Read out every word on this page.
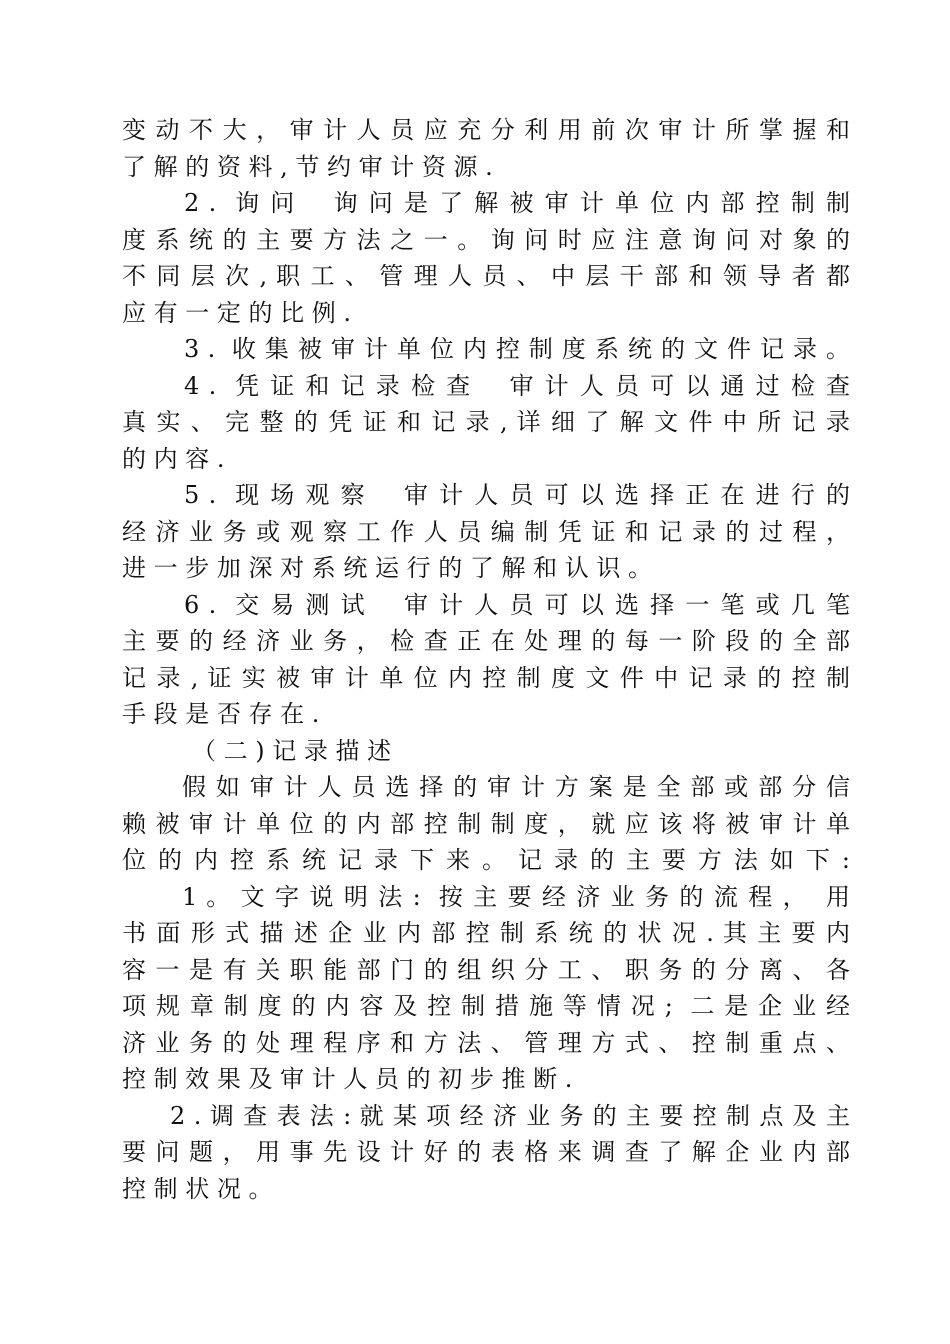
变 动 不 大 ， 审 计 人 员 应 充 分 利 用 前 次 审 计 所 掌 握 和
了 解 的 资 料 , 节 约 审 计 资 源 .
2 .  询 问    询 问 是 了 解 被 审 计 单 位 内 部 控 制 制
度 系 统 的 主 要 方 法 之 一 。 询 问 时 应 注 意 询 问 对 象 的
不 同 层 次 , 职 工 、 管 理 人 员 、 中 层 干 部 和 领 导 者 都
应 有 一 定 的 比 例 .
3 .  收 集 被 审 计 单 位 内 控 制 度 系 统 的 文 件 记 录 。
4 .  凭 证 和 记 录 检 查    审 计 人 员 可 以 通 过 检 查
真 实 、 完 整 的 凭 证 和 记 录 , 详 细 了 解 文 件 中 所 记 录
的 内 容 .
5 .  现 场 观 察    审 计 人 员 可 以 选 择 正 在 进 行 的
经 济 业 务 或 观 察 工 作 人 员 编 制 凭 证 和 记 录 的 过 程 ，
进 一 步 加 深 对 系 统 运 行 的 了 解 和 认 识 。
6 .  交 易 测 试    审 计 人 员 可 以 选 择 一 笔 或 几 笔
主 要 的 经 济 业 务 ， 检 查 正 在 处 理 的 每 一 阶 段 的 全 部
记 录 , 证 实 被 审 计 单 位 内 控 制 度 文 件 中 记 录 的 控 制
手 段 是 否 存 在 .
（ 二 ) 记 录 描 述
假 如 审 计 人 员 选 择 的 审 计 方 案 是 全 部 或 部 分 信
赖 被 审 计 单 位 的 内 部 控 制 制 度 ， 就 应 该 将 被 审 计 单
位 的 内 控 系 统 记 录 下 来 。 记 录 的 主 要 方 法 如 下 :
1 。 文 字 说 明 法 :  按 主 要 经 济 业 务 的 流 程 ，  用
书 面 形 式 描 述 企 业 内 部 控 制 系 统 的 状 况 . 其 主 要 内
容 一 是 有 关 职 能 部 门 的 组 织 分 工 、 职 务 的 分 离 、 各
项 规 章 制 度 的 内 容 及 控 制 措 施 等 情 况 ;  二 是 企 业 经
济 业 务 的 处 理 程 序 和 方 法 、 管 理 方 式 、 控 制 重 点 、
控 制 效 果 及 审 计 人 员 的 初 步 推 断 .
2 . 调 查 表 法 : 就 某 项 经 济 业 务 的 主 要 控 制 点 及 主
要 问 题 ， 用 事 先 设 计 好 的 表 格 来 调 查 了 解 企 业 内 部
控 制 状 况 。
